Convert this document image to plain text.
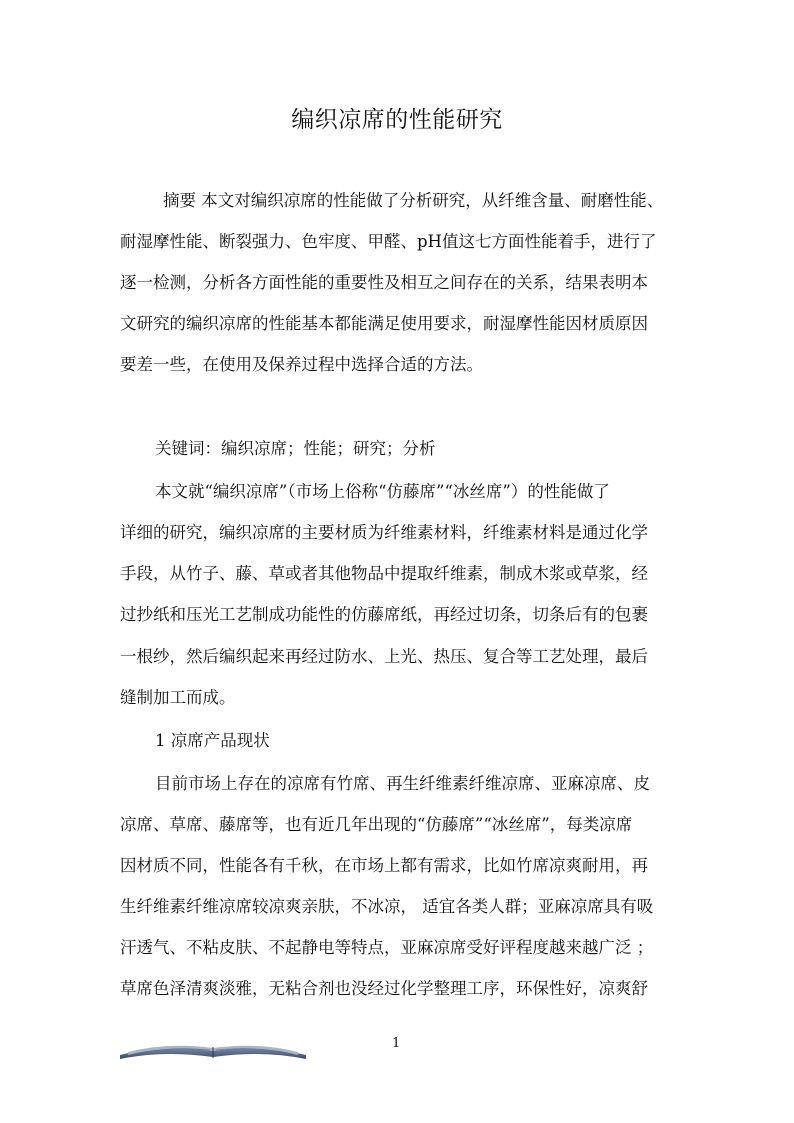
编织凉席的性能研究
摘要 本文对编织凉席的性能做了分析研究，从纤维含量、耐磨性能、
耐湿摩性能、断裂强力、色牢度、甲醛、pH值这七方面性能着手，进行了
逐一检测，分析各方面性能的重要性及相互之间存在的关系，结果表明本
文研究的编织凉席的性能基本都能满足使用要求，耐湿摩性能因材质原因
要差一些，在使用及保养过程中选择合适的方法。
关键词：编织凉席；性能；研究；分析
本文就“编织凉席”（市场上俗称“仿藤席”“冰丝席”）的性能做了
详细的研究，编织凉席的主要材质为纤维素材料，纤维素材料是通过化学
手段，从竹子、藤、草或者其他物品中提取纤维素，制成木浆或草浆，经
过抄纸和压光工艺制成功能性的仿藤席纸，再经过切条，切条后有的包裹
一根纱，然后编织起来再经过防水、上光、热压、复合等工艺处理，最后
缝制加工而成。
1 凉席产品现状
目前市场上存在的凉席有竹席、再生纤维素纤维凉席、亚麻凉席、皮
凉席、草席、藤席等，也有近几年出现的“仿藤席”“冰丝席”，每类凉席
因材质不同，性能各有千秋，在市场上都有需求，比如竹席凉爽耐用，再
生纤维素纤维凉席较凉爽亲肤，不冰凉， 适宜各类人群；亚麻凉席具有吸
汗透气、不粘皮肤、不起静电等特点，亚麻凉席受好评程度越来越广泛 ；
草席色泽清爽淡雅，无粘合剂也没经过化学整理工序，环保性好，凉爽舒
1
